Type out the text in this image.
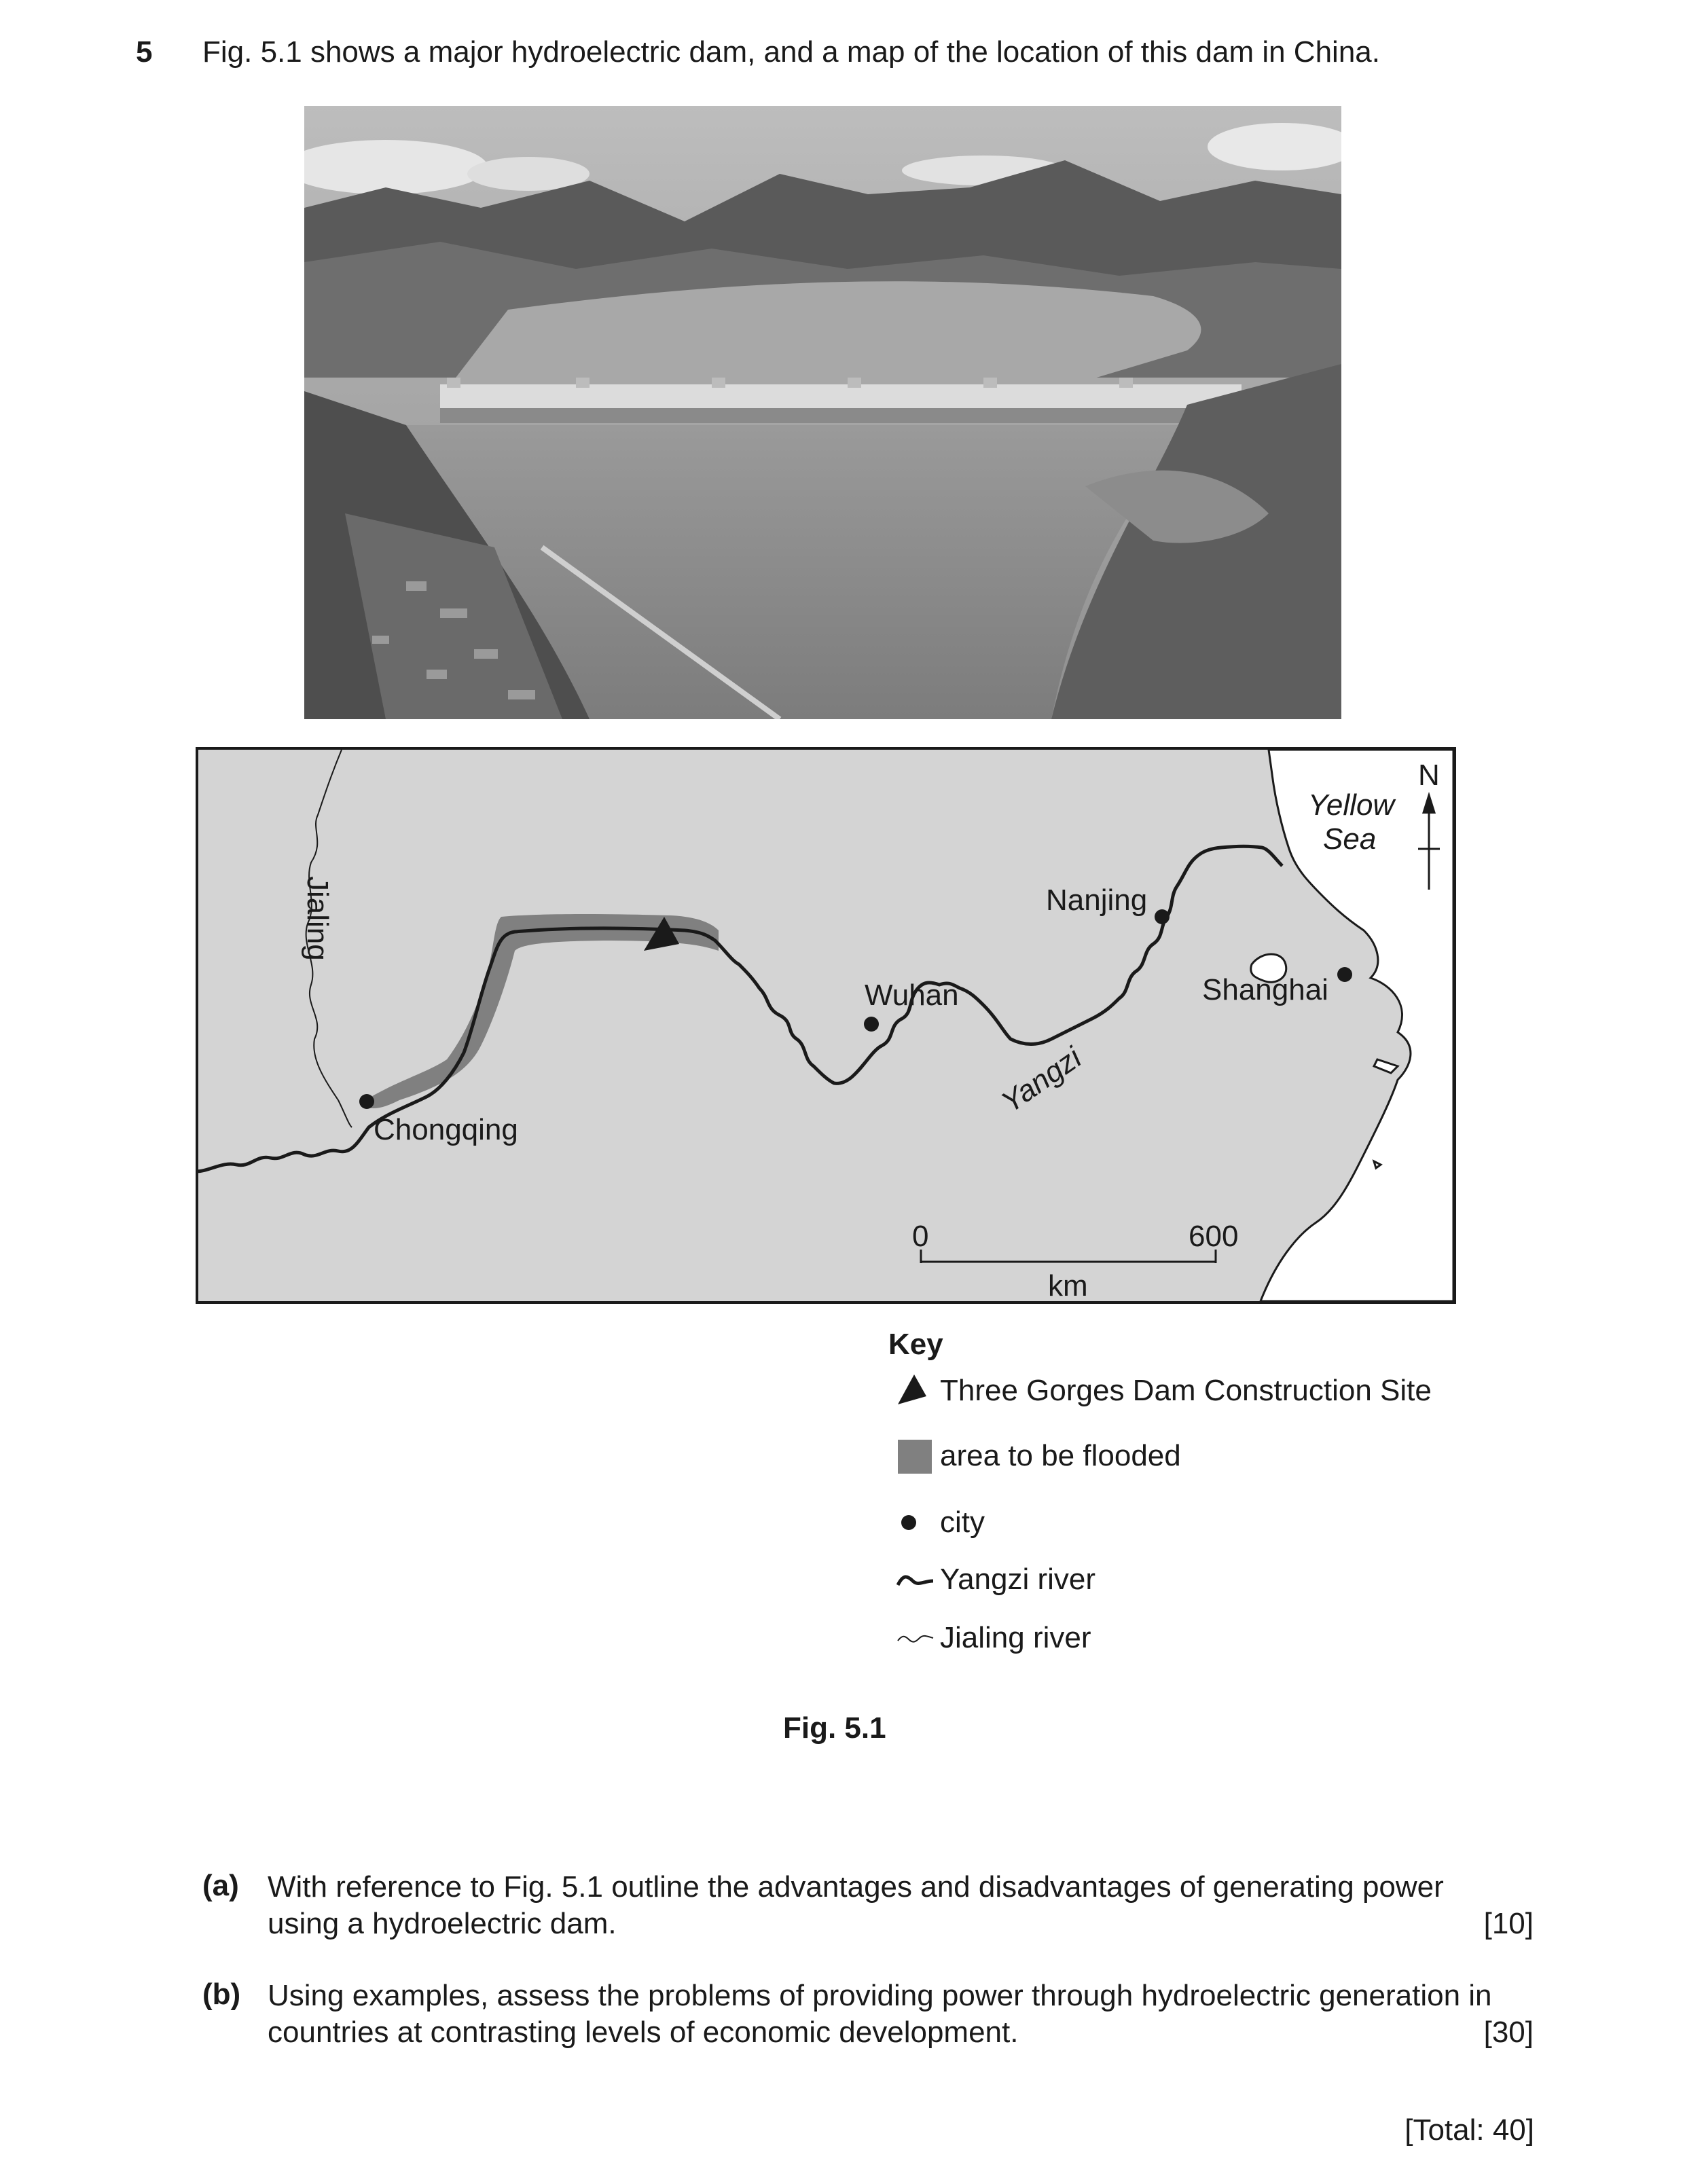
5 Fig. 5.1 shows a major hydroelectric dam, and a map of the location of this dam in China.
Jialing
Chongqing
Wuhan
Yangzi
Nanjing
Shanghai
Yellow
Sea
N
0	600
km
Key
Three Gorges Dam Construction Site
area to be flooded
city
Yangzi river
Jialing river
Fig. 5.1
(a) With reference to Fig. 5.1 outline the advantages and disadvantages of generating power
using a hydroelectric dam.	[10]
(b) Using examples, assess the problems of providing power through hydroelectric generation in
countries at contrasting levels of economic development.	[30]
[Total: 40]
